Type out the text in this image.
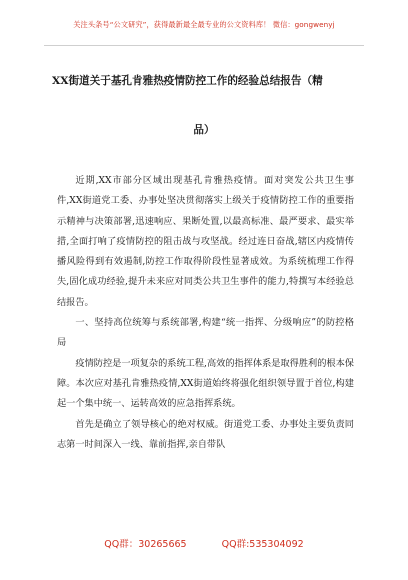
关注头条号“公文研究”，获得最新最全最专业的公文资料库！ 微信：gongwenyj
XX街道关于基孔肯雅热疫情防控工作的经验总结报告（精
品）

近期,XX市部分区域出现基孔肯雅热疫情。面对突发公共卫生事件,XX街道党工委、办事处坚决贯彻落实上级关于疫情防控工作的重要指示精神与决策部署,迅速响应、果断处置,以最高标准、最严要求、最实举措,全面打响了疫情防控的阻击战与攻坚战。经过连日奋战,辖区内疫情传播风险得到有效遏制,防控工作取得阶段性显著成效。为系统梳理工作得失,固化成功经验,提升未来应对同类公共卫生事件的能力,特撰写本经验总结报告。

一、坚持高位统筹与系统部署,构建“统一指挥、分级响应”的防控格局

疫情防控是一项复杂的系统工程,高效的指挥体系是取得胜利的根本保障。本次应对基孔肯雅热疫情,XX街道始终将强化组织领导置于首位,构建起一个集中统一、运转高效的应急指挥系统。

首先是确立了领导核心的绝对权威。街道党工委、办事处主要负责同志第一时间深入一线、靠前指挥,亲自带队

QQ群：30265665	QQ群:535304092
